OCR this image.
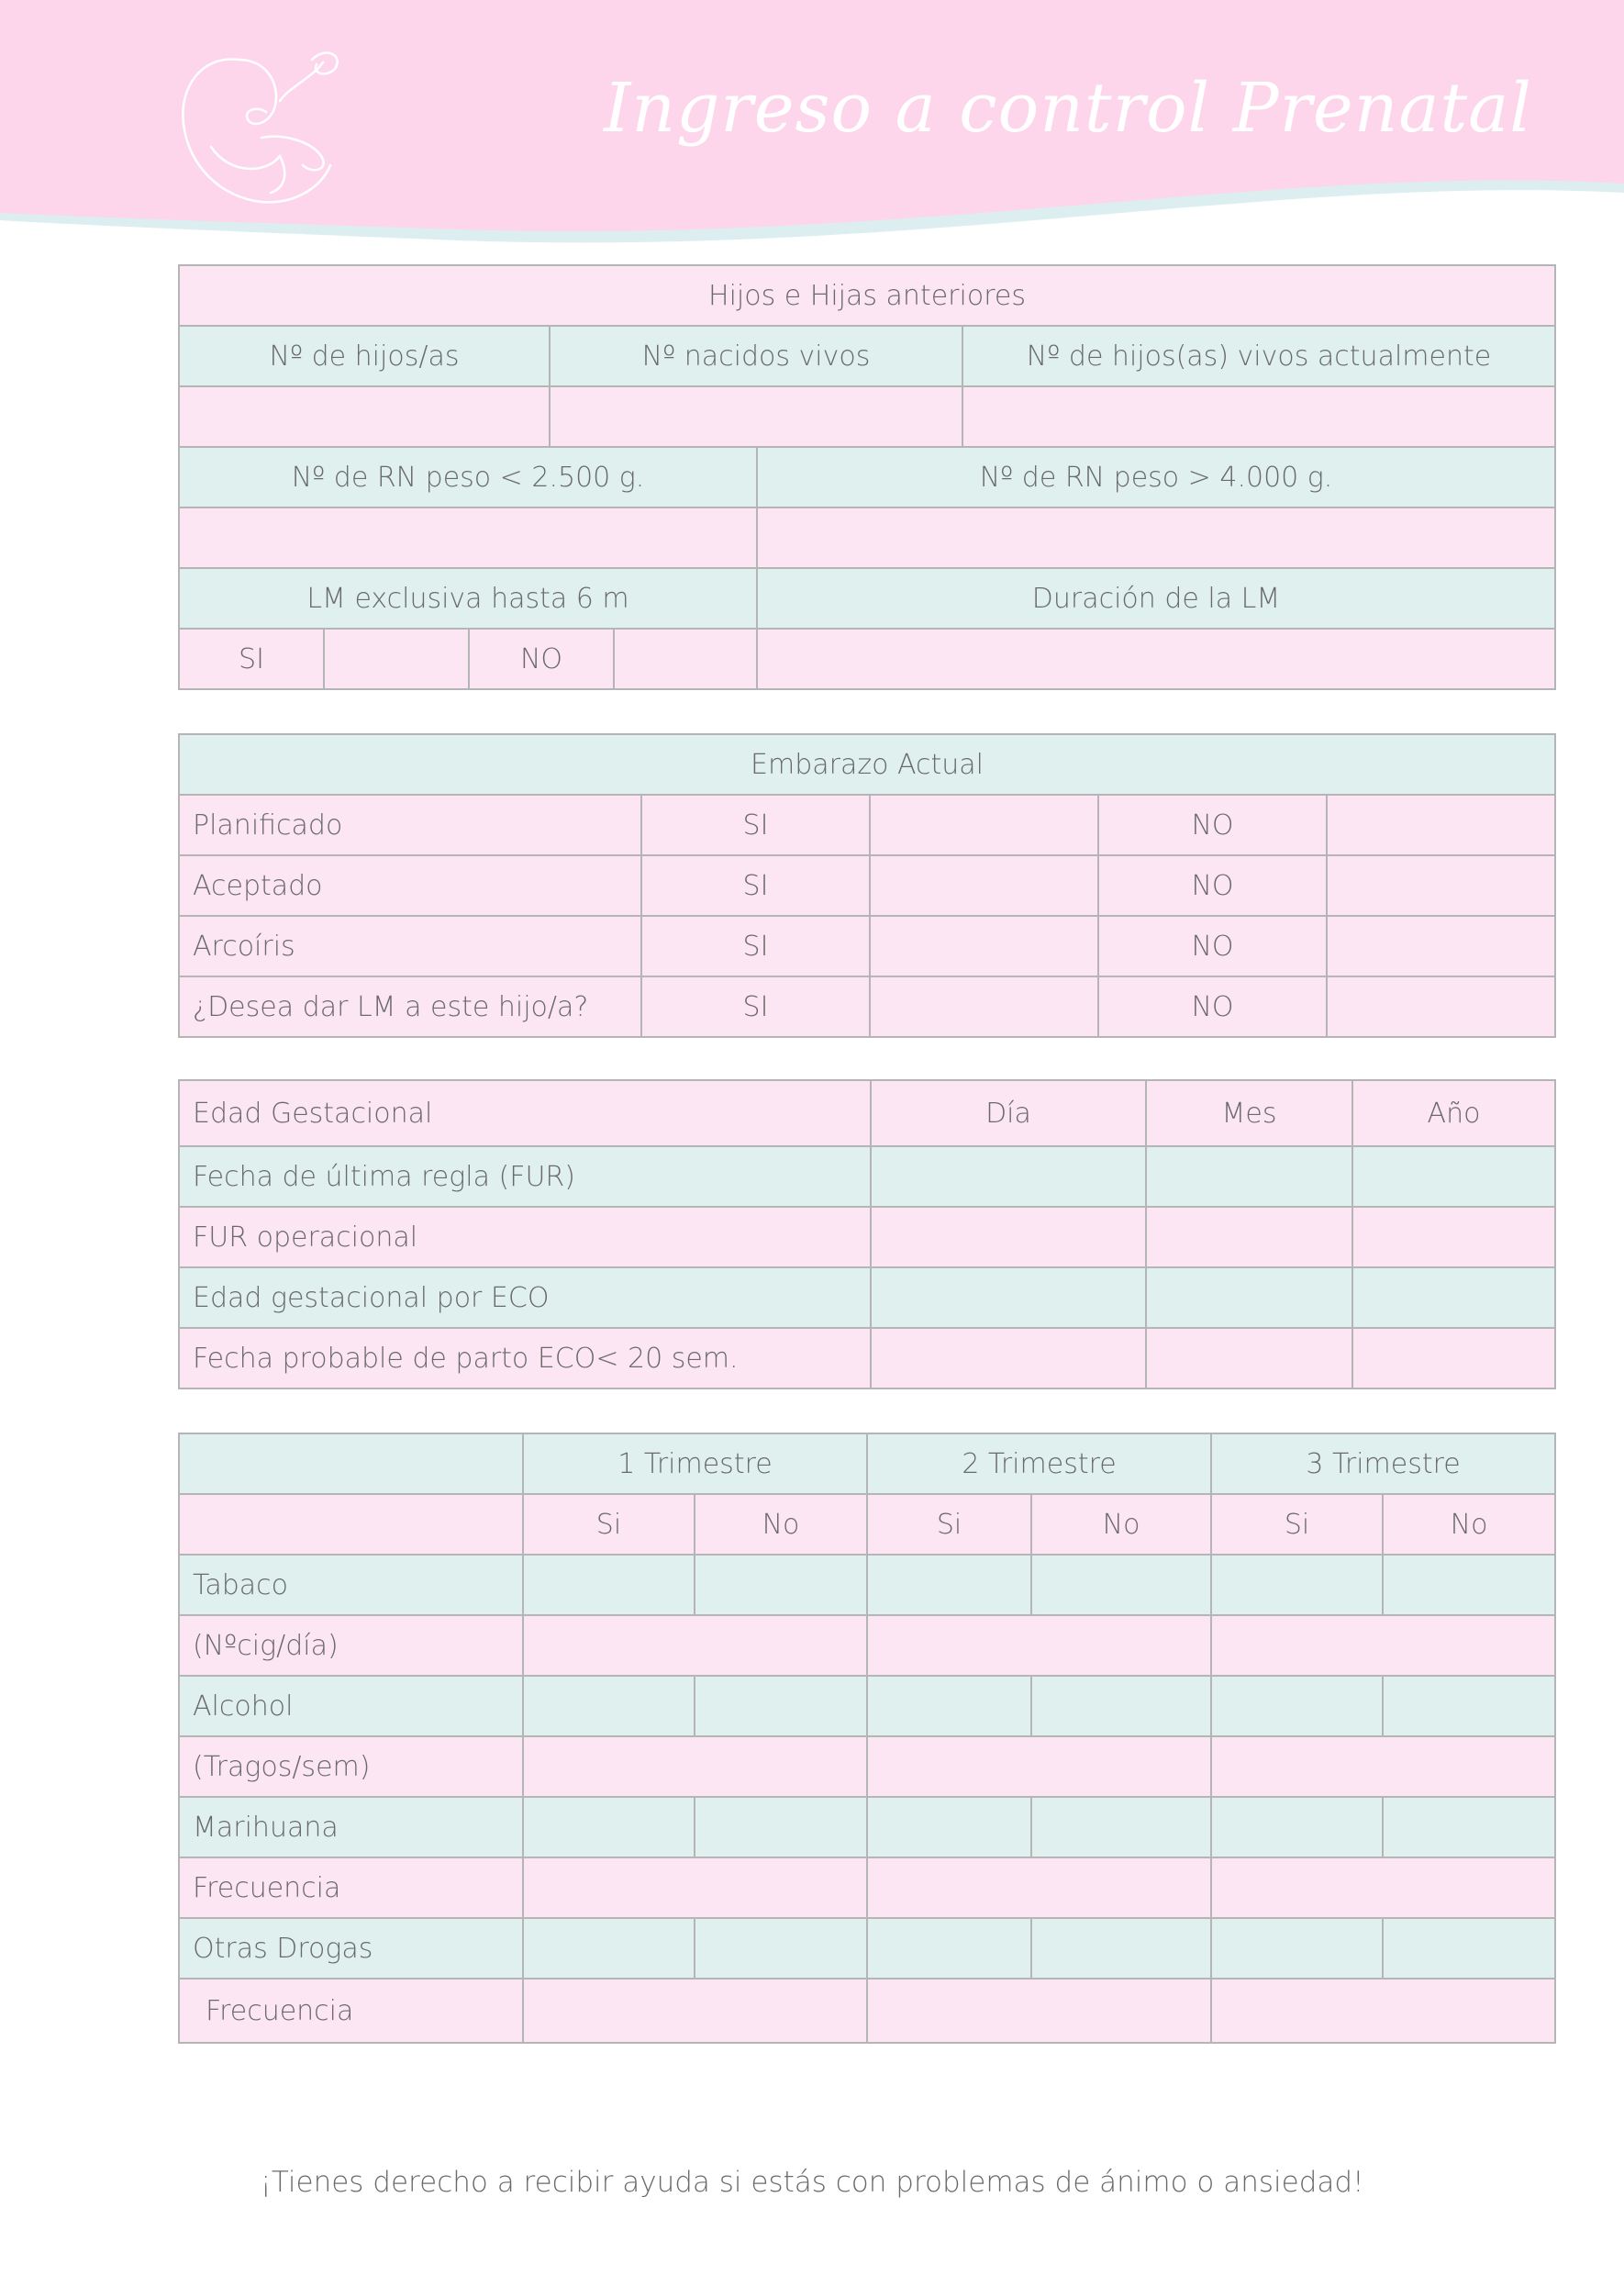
Ingreso a control Prenatal
Hijos e Hijas anteriores						
Nº de hijos/as			Nº nacidos vivos			Nº de hijos(as) vivos actualmente

Nº de RN peso < 2.500 g.					Nº de RN peso > 4.000 g.	

LM exclusiva hasta 6 m					Duración de la LM	
SI		NO				
Embarazo Actual				
Planificado	SI		NO	
Aceptado	SI		NO	
Arcoíris	SI		NO	
¿Desea dar LM a este hijo/a?	SI		NO	
Edad Gestacional	Día	Mes	Año
Fecha de última regla (FUR)			
FUR operacional			
Edad gestacional por ECO			
Fecha probable de parto ECO< 20 sem.			
	1 Trimestre		2 Trimestre		3 Trimestre	
	Si	No	Si	No	Si	No
Tabaco						
(Nºcig/día)						
Alcohol						
(Tragos/sem)						
Marihuana						
Frecuencia						
Otras Drogas						
Frecuencia						
¡Tienes derecho a recibir ayuda si estás con problemas de ánimo o ansiedad!
